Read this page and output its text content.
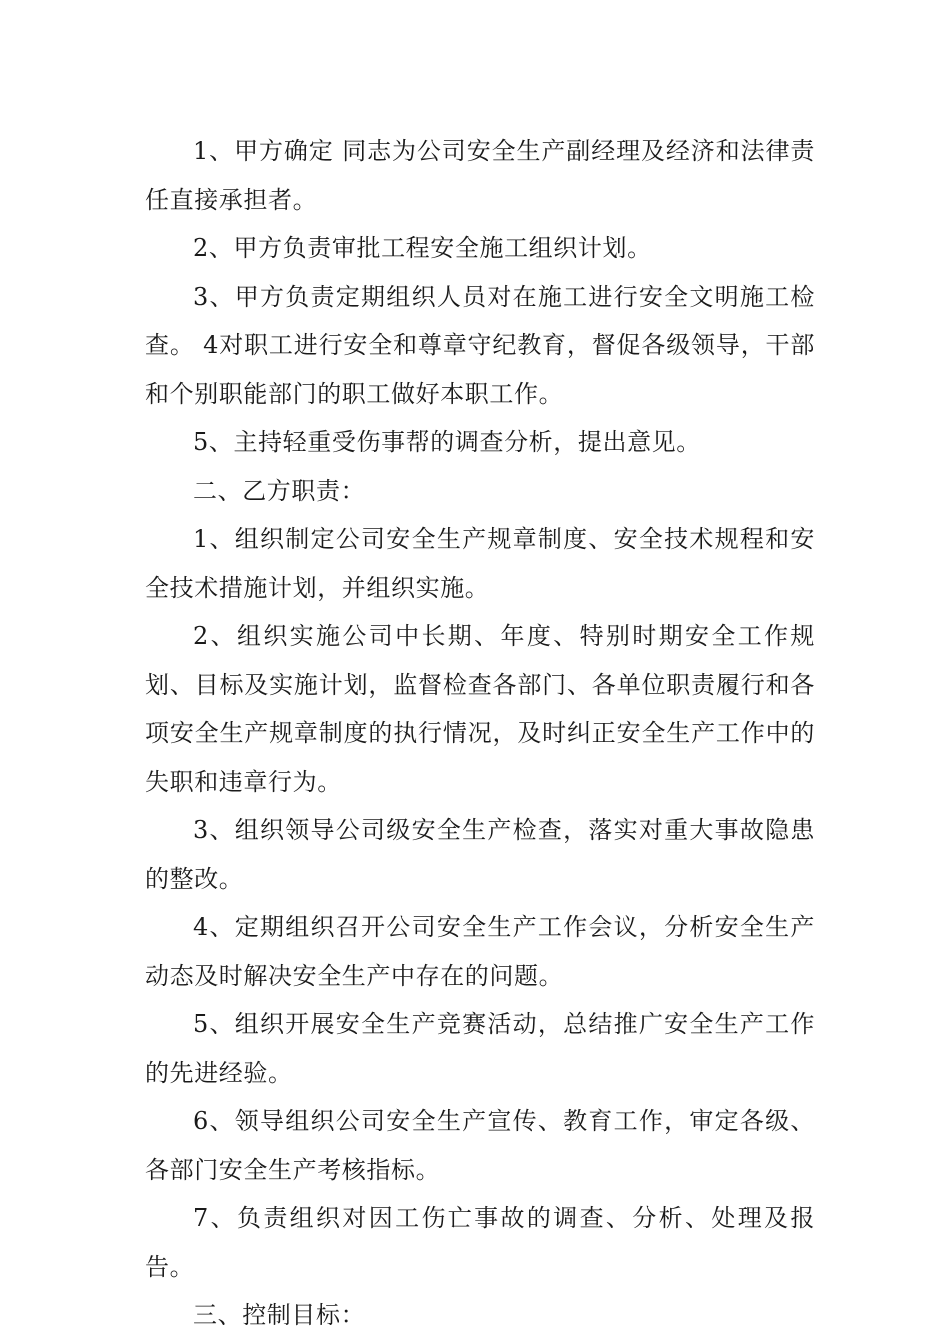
1、甲方确定 同志为公司安全生产副经理及经济和法律责任直接承担者。

2、甲方负责审批工程安全施工组织计划。

3、甲方负责定期组织人员对在施工进行安全文明施工检查。 4对职工进行安全和尊章守纪教育，督促各级领导，干部和个别职能部门的职工做好本职工作。

5、主持轻重受伤事帮的调查分析，提出意见。

二、乙方职责：

1、组织制定公司安全生产规章制度、安全技术规程和安全技术措施计划，并组织实施。

2、组织实施公司中长期、年度、特别时期安全工作规划、目标及实施计划，监督检查各部门、各单位职责履行和各项安全生产规章制度的执行情况，及时纠正安全生产工作中的失职和违章行为。

3、组织领导公司级安全生产检查，落实对重大事故隐患的整改。

4、定期组织召开公司安全生产工作会议，分析安全生产动态及时解决安全生产中存在的问题。

5、组织开展安全生产竞赛活动，总结推广安全生产工作的先进经验。

6、领导组织公司安全生产宣传、教育工作，审定各级、各部门安全生产考核指标。

7、负责组织对因工伤亡事故的调查、分析、处理及报告。

三、控制目标：
